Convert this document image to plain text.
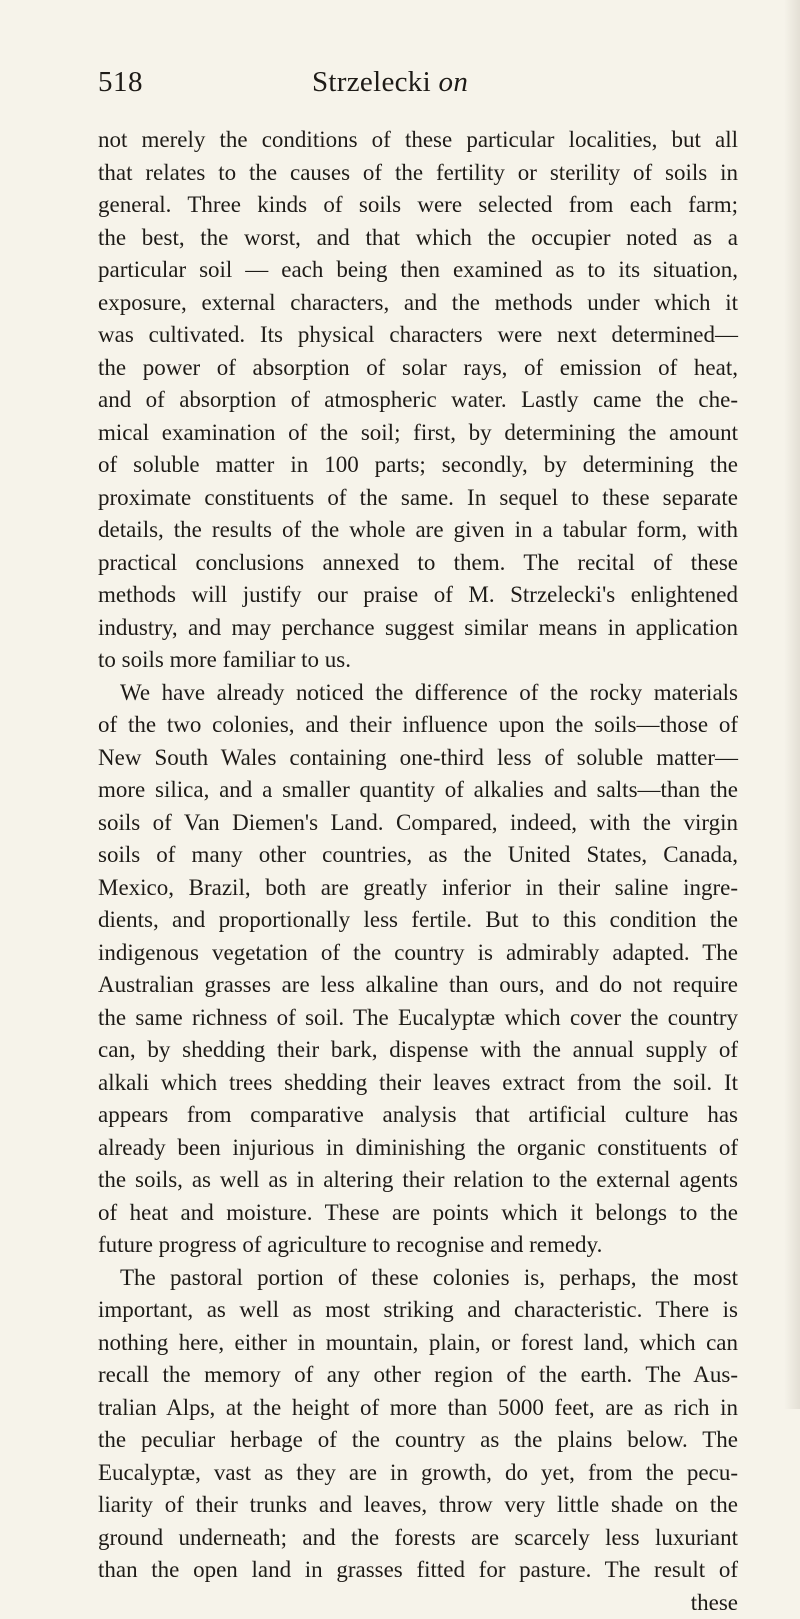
518	Strzelecki on
not merely the conditions of these particular localities, but all
that relates to the causes of the fertility or sterility of soils in
general. Three kinds of soils were selected from each farm;
the best, the worst, and that which the occupier noted as a
particular soil — each being then examined as to its situation,
exposure, external characters, and the methods under which it
was cultivated. Its physical characters were next determined—
the power of absorption of solar rays, of emission of heat,
and of absorption of atmospheric water. Lastly came the che-
mical examination of the soil; first, by determining the amount
of soluble matter in 100 parts; secondly, by determining the
proximate constituents of the same. In sequel to these separate
details, the results of the whole are given in a tabular form, with
practical conclusions annexed to them. The recital of these
methods will justify our praise of M. Strzelecki's enlightened
industry, and may perchance suggest similar means in application
to soils more familiar to us.
We have already noticed the difference of the rocky materials
of the two colonies, and their influence upon the soils—those of
New South Wales containing one-third less of soluble matter—
more silica, and a smaller quantity of alkalies and salts—than the
soils of Van Diemen's Land. Compared, indeed, with the virgin
soils of many other countries, as the United States, Canada,
Mexico, Brazil, both are greatly inferior in their saline ingre-
dients, and proportionally less fertile. But to this condition the
indigenous vegetation of the country is admirably adapted. The
Australian grasses are less alkaline than ours, and do not require
the same richness of soil. The Eucalyptæ which cover the country
can, by shedding their bark, dispense with the annual supply of
alkali which trees shedding their leaves extract from the soil. It
appears from comparative analysis that artificial culture has
already been injurious in diminishing the organic constituents of
the soils, as well as in altering their relation to the external agents
of heat and moisture. These are points which it belongs to the
future progress of agriculture to recognise and remedy.
The pastoral portion of these colonies is, perhaps, the most
important, as well as most striking and characteristic. There is
nothing here, either in mountain, plain, or forest land, which can
recall the memory of any other region of the earth. The Aus-
tralian Alps, at the height of more than 5000 feet, are as rich in
the peculiar herbage of the country as the plains below. The
Eucalyptæ, vast as they are in growth, do yet, from the pecu-
liarity of their trunks and leaves, throw very little shade on the
ground underneath; and the forests are scarcely less luxuriant
than the open land in grasses fitted for pasture. The result of
these
